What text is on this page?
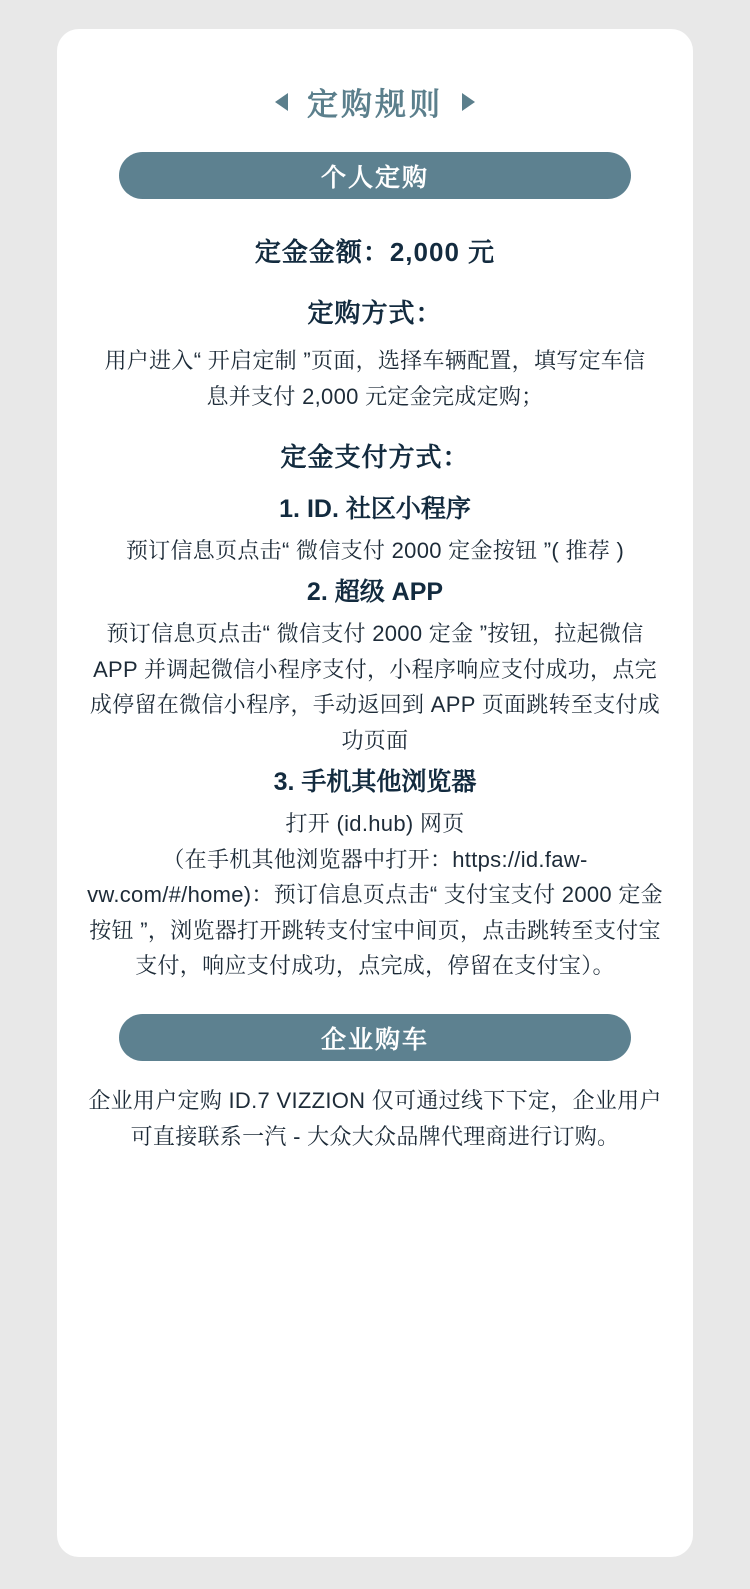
定购规则
个人定购

定金金额：2,000 元

定购方式：

用户进入“ 开启定制 ”页面，选择车辆配置，填写定车信息并支付 2,000 元定金完成定购；

定金支付方式：

1. ID. 社区小程序

预订信息页点击“ 微信支付 2000 定金按钮 ”( 推荐 )

2. 超级 APP

预订信息页点击“ 微信支付 2000 定金 ”按钮，拉起微信 APP 并调起微信小程序支付，小程序响应支付成功，点完成停留在微信小程序，手动返回到 APP 页面跳转至支付成功页面

3. 手机其他浏览器

打开 (id.hub) 网页

（在手机其他浏览器中打开：https://id.faw-vw.com/#/home)：预订信息页点击“ 支付宝支付 2000 定金按钮 ”，浏览器打开跳转支付宝中间页，点击跳转至支付宝支付，响应支付成功，点完成，停留在支付宝）。

企业购车

企业用户定购 ID.7 VIZZION 仅可通过线下下定，企业用户可直接联系一汽 - 大众大众品牌代理商进行订购。
